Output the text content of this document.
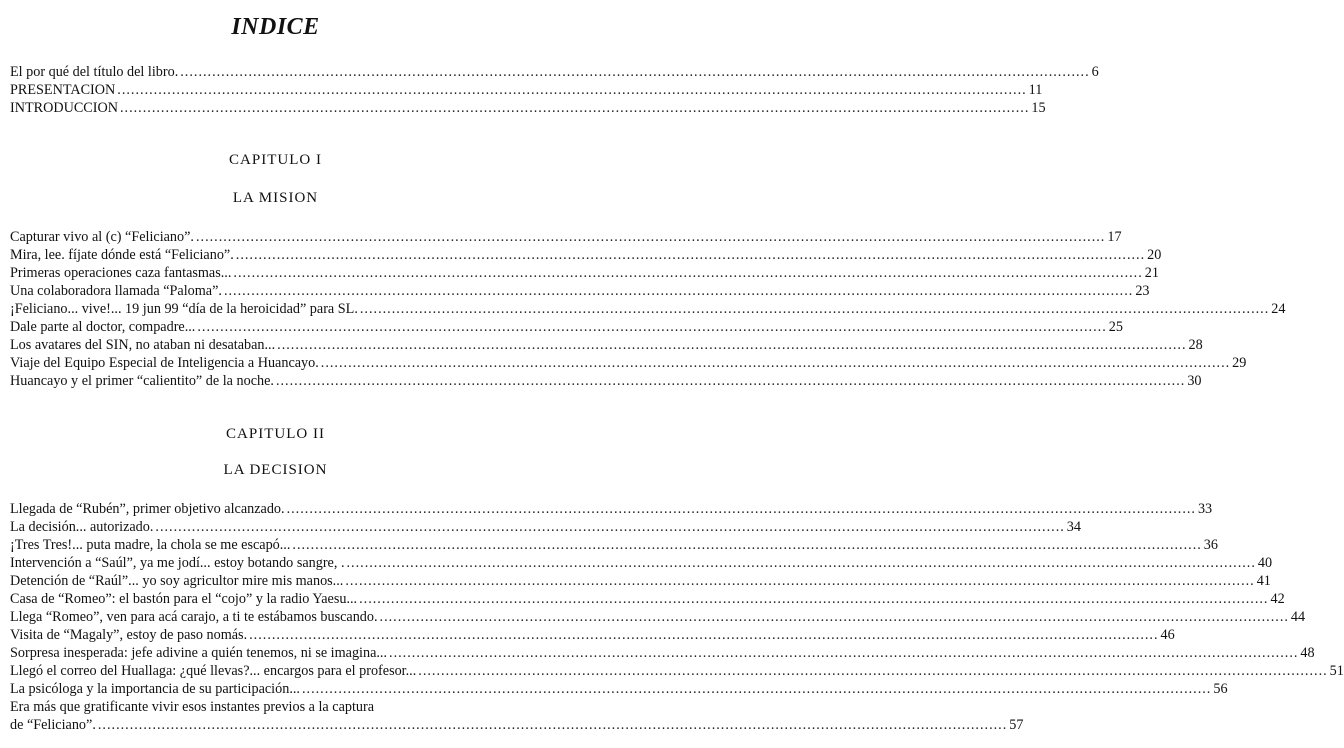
INDICE
El por qué del título del libro. .....	6
PRESENTACION .....	11
INTRODUCCION .....	15
CAPITULO I
LA MISION
Capturar vivo al (c) “Feliciano”. .....	17
Mira, lee. fíjate dónde está “Feliciano”. .....	20
Primeras operaciones caza fantasmas... .....	21
Una colaboradora llamada “Paloma”. .....	23
¡Feliciano... vive!... 19 jun 99 “día de la heroicidad” para SL. .....	24
Dale parte al doctor, compadre... .....	25
Los avatares del SIN, no ataban ni desataban... .....	28
Viaje del Equipo Especial de Inteligencia a Huancayo. .....	29
Huancayo y el primer “calientito” de la noche. .....	30
CAPITULO II
LA DECISION
Llegada de “Rubén”, primer objetivo alcanzado. .....	33
La decisión... autorizado. .....	34
¡Tres Tres!... puta madre, la chola se me escapó... .....	36
Intervención a “Saúl”, ya me jodí... estoy botando sangre, . .....	40
Detención de “Raúl”... yo soy agricultor mire mis manos... .....	41
Casa de “Romeo”: el bastón para el “cojo” y la radio Yaesu... .....	42
Llega “Romeo”, ven para acá carajo, a ti te estábamos buscando. .....	44
Visita de “Magaly”, estoy de paso nomás. .....	46
Sorpresa inesperada: jefe adivine a quién tenemos, ni se imagina... .....	48
Llegó el correo del Huallaga: ¿qué llevas?... encargos para el profesor... .....	51
La psicóloga y la importancia de su participación... .....	56
Era más que gratificante vivir esos instantes previos a la captura
de “Feliciano”. .....	57
